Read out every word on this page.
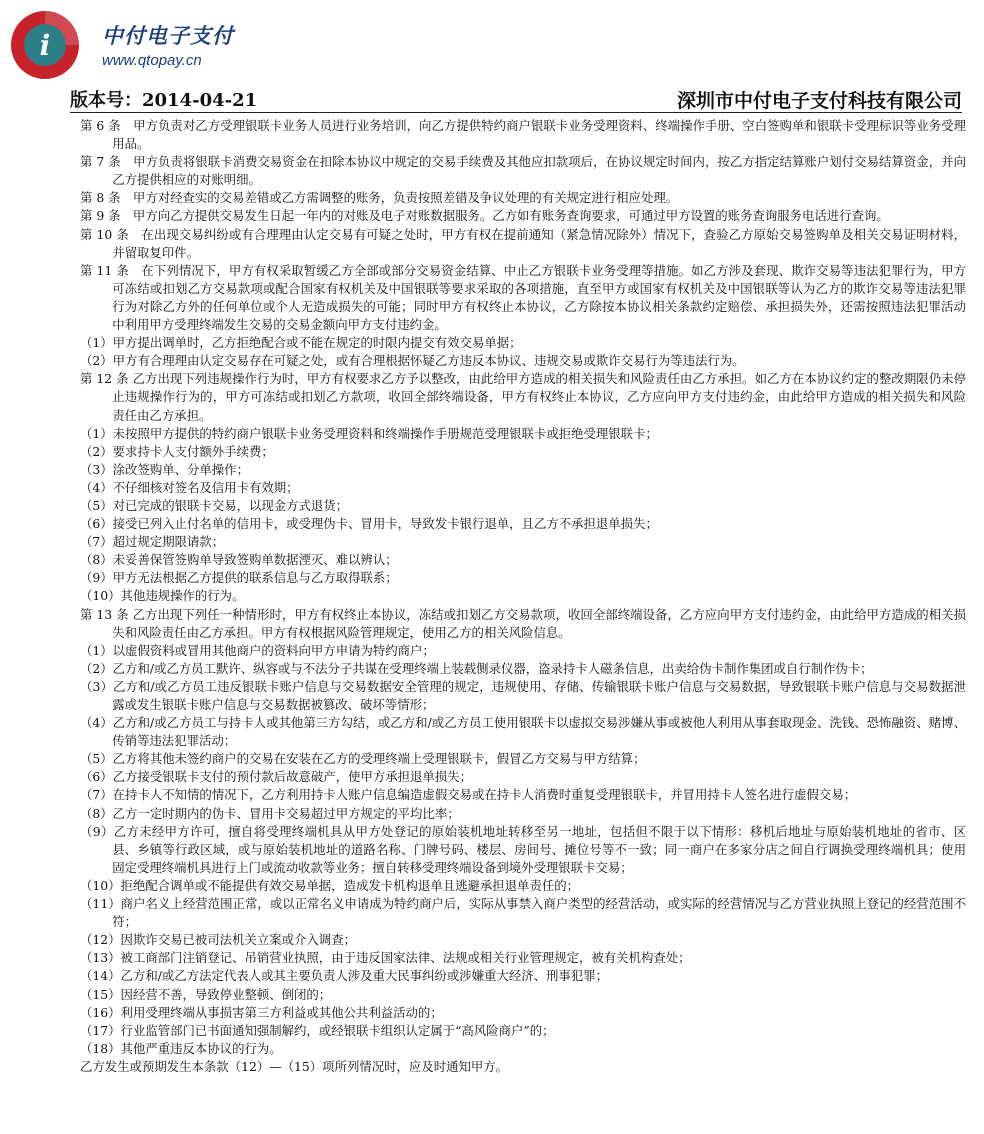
i 中付电子支付
www.qtopay.cn
版本号：2014-04-21	深圳市中付电子支付科技有限公司

第 6 条　甲方负责对乙方受理银联卡业务人员进行业务培训，向乙方提供特约商户银联卡业务受理资料、终端操作手册、空白签购单和银联卡受理标识等业务受理用品。

第 7 条　甲方负责将银联卡消费交易资金在扣除本协议中规定的交易手续费及其他应扣款项后，在协议规定时间内，按乙方指定结算账户划付交易结算资金，并向乙方提供相应的对账明细。

第 8 条　甲方对经查实的交易差错或乙方需调整的账务，负责按照差错及争议处理的有关规定进行相应处理。

第 9 条　甲方向乙方提供交易发生日起一年内的对账及电子对账数据服务。乙方如有账务查询要求，可通过甲方设置的账务查询服务电话进行查询。

第 10 条　在出现交易纠纷或有合理理由认定交易有可疑之处时，甲方有权在提前通知（紧急情况除外）情况下，查验乙方原始交易签购单及相关交易证明材料，并留取复印件。

第 11 条　在下列情况下，甲方有权采取暂缓乙方全部或部分交易资金结算、中止乙方银联卡业务受理等措施。如乙方涉及套现、欺诈交易等违法犯罪行为，甲方可冻结或扣划乙方交易款项或配合国家有权机关及中国银联等要求采取的各项措施，直至甲方或国家有权机关及中国银联等认为乙方的欺诈交易等违法犯罪行为对除乙方外的任何单位或个人无造成损失的可能；同时甲方有权终止本协议，乙方除按本协议相关条款约定赔偿、承担损失外，还需按照违法犯罪活动中利用甲方受理终端发生交易的交易金额向甲方支付违约金。

（1）甲方提出调单时，乙方拒绝配合或不能在规定的时限内提交有效交易单据；

（2）甲方有合理理由认定交易存在可疑之处，或有合理根据怀疑乙方违反本协议、违规交易或欺诈交易行为等违法行为。

第 12 条 乙方出现下列违规操作行为时，甲方有权要求乙方予以整改，由此给甲方造成的相关损失和风险责任由乙方承担。如乙方在本协议约定的整改期限仍未停止违规操作行为的，甲方可冻结或扣划乙方款项，收回全部终端设备，甲方有权终止本协议，乙方应向甲方支付违约金，由此给甲方造成的相关损失和风险责任由乙方承担。

（1）未按照甲方提供的特约商户银联卡业务受理资料和终端操作手册规范受理银联卡或拒绝受理银联卡；

（2）要求持卡人支付额外手续费；

（3）涂改签购单、分单操作；

（4）不仔细核对签名及信用卡有效期；

（5）对已完成的银联卡交易，以现金方式退货；

（6）接受已列入止付名单的信用卡，或受理伪卡、冒用卡，导致发卡银行退单，且乙方不承担退单损失；

（7）超过规定期限请款；

（8）未妥善保管签购单导致签购单数据湮灭、难以辨认；

（9）甲方无法根据乙方提供的联系信息与乙方取得联系；

（10）其他违规操作的行为。

第 13 条 乙方出现下列任一种情形时，甲方有权终止本协议，冻结或扣划乙方交易款项，收回全部终端设备，乙方应向甲方支付违约金，由此给甲方造成的相关损失和风险责任由乙方承担。甲方有权根据风险管理规定，使用乙方的相关风险信息。

（1）以虚假资料或冒用其他商户的资料向甲方申请为特约商户；

（2）乙方和/或乙方员工默许、纵容或与不法分子共谋在受理终端上装载侧录仪器，盗录持卡人磁条信息，出卖给伪卡制作集团或自行制作伪卡；

（3）乙方和/或乙方员工违反银联卡账户信息与交易数据安全管理的规定，违规使用、存储、传输银联卡账户信息与交易数据，导致银联卡账户信息与交易数据泄露或发生银联卡账户信息与交易数据被篡改、破坏等情形；

（4）乙方和/或乙方员工与持卡人或其他第三方勾结，或乙方和/或乙方员工使用银联卡以虚拟交易涉嫌从事或被他人利用从事套取现金、洗钱、恐怖融资、赌博、传销等违法犯罪活动；

（5）乙方将其他未签约商户的交易在安装在乙方的受理终端上受理银联卡，假冒乙方交易与甲方结算；

（6）乙方接受银联卡支付的预付款后故意破产，使甲方承担退单损失；

（7）在持卡人不知情的情况下，乙方利用持卡人账户信息编造虚假交易或在持卡人消费时重复受理银联卡，并冒用持卡人签名进行虚假交易；

（8）乙方一定时期内的伪卡、冒用卡交易超过甲方规定的平均比率；

（9）乙方未经甲方许可，擅自将受理终端机具从甲方处登记的原始装机地址转移至另一地址，包括但不限于以下情形：移机后地址与原始装机地址的省市、区县、乡镇等行政区域，或与原始装机地址的道路名称、门牌号码、楼层、房间号、摊位号等不一致；同一商户在多家分店之间自行调换受理终端机具；使用固定受理终端机具进行上门或流动收款等业务；擅自转移受理终端设备到境外受理银联卡交易；

（10）拒绝配合调单或不能提供有效交易单据，造成发卡机构退单且逃避承担退单责任的；

（11）商户名义上经营范围正常，或以正常名义申请成为特约商户后，实际从事禁入商户类型的经营活动，或实际的经营情况与乙方营业执照上登记的经营范围不符；

（12）因欺诈交易已被司法机关立案或介入调查；

（13）被工商部门注销登记、吊销营业执照，由于违反国家法律、法规或相关行业管理规定，被有关机构查处；

（14）乙方和/或乙方法定代表人或其主要负责人涉及重大民事纠纷或涉嫌重大经济、刑事犯罪；

（15）因经营不善，导致停业整顿、倒闭的；

（16）利用受理终端从事损害第三方利益或其他公共利益活动的；

（17）行业监管部门已书面通知强制解约，或经银联卡组织认定属于“高风险商户”的；

（18）其他严重违反本协议的行为。

乙方发生或预期发生本条款（12）—（15）项所列情况时，应及时通知甲方。
